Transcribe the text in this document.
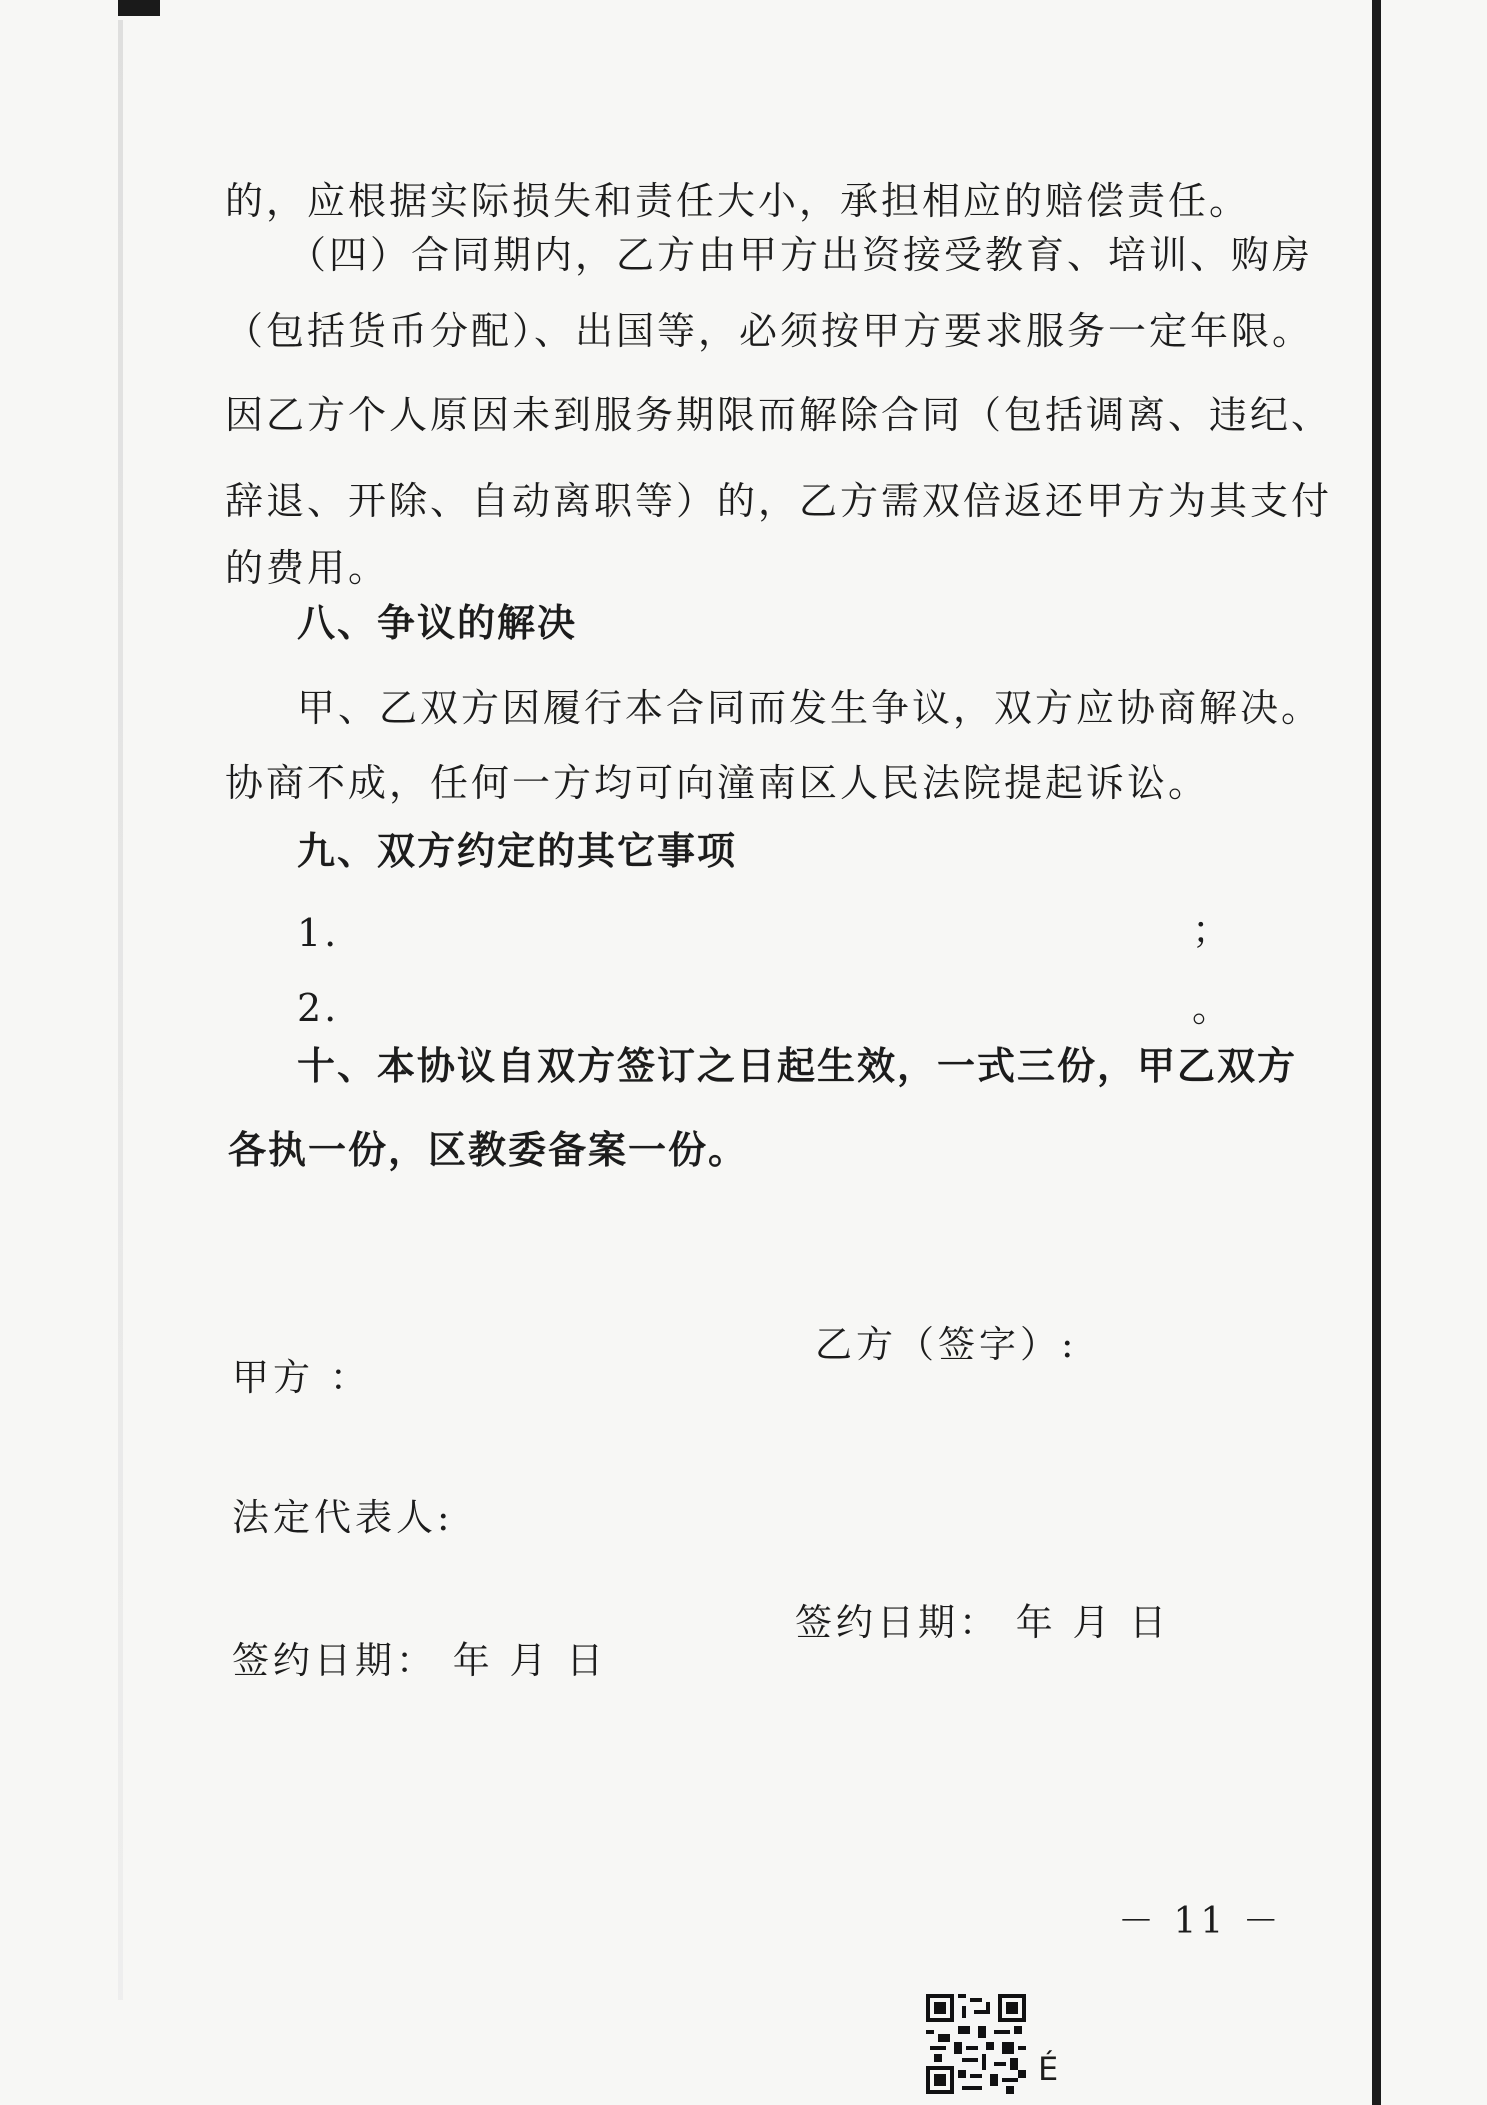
的，应根据实际损失和责任大小，承担相应的赔偿责任。
（四）合同期内，乙方由甲方出资接受教育、培训、购房
（包括货币分配）、出国等，必须按甲方要求服务一定年限。
因乙方个人原因未到服务期限而解除合同（包括调离、违纪、
辞退、开除、自动离职等）的，乙方需双倍返还甲方为其支付
的费用。
八、争议的解决
甲、乙双方因履行本合同而发生争议，双方应协商解决。
协商不成，任何一方均可向潼南区人民法院提起诉讼。
九、双方约定的其它事项
1.	；
2.	。
十、本协议自双方签订之日起生效，一式三份，甲乙双方
各执一份，区教委备案一份。
乙方（签字）:
甲方 ：
法定代表人:
签约日期： 年 月 日
签约日期： 年 月 日
－ 11 －
É
